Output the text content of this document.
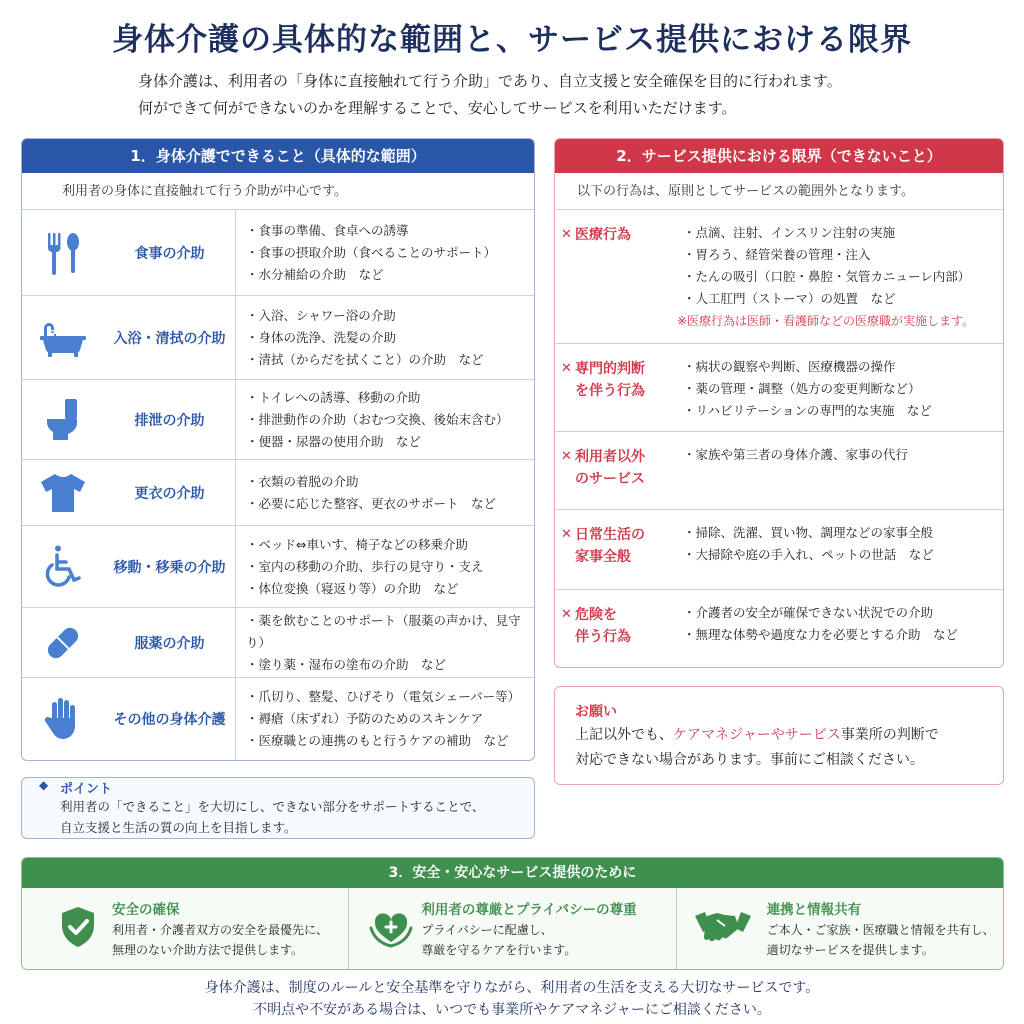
身体介護の具体的な範囲と、サービス提供における限界
身体介護は、利用者の「身体に直接触れて行う介助」であり、自立支援と安全確保を目的に行われます。
何ができて何ができないのかを理解することで、安心してサービスを利用いただけます。
1．身体介護でできること（具体的な範囲）
利用者の身体に直接触れて行う介助が中心です。
食事の介助
・食事の準備、食卓への誘導
・食事の摂取介助（食べることのサポート）
・水分補給の介助　など
入浴・清拭の介助
・入浴、シャワー浴の介助
・身体の洗浄、洗髪の介助
・清拭（からだを拭くこと）の介助　など
排泄の介助
・トイレへの誘導、移動の介助
・排泄動作の介助（おむつ交換、後始末含む）
・便器・尿器の使用介助　など
更衣の介助
・衣類の着脱の介助
・必要に応じた整容、更衣のサポート　など
移動・移乗の介助
・ベッド⇔車いす、椅子などの移乗介助
・室内の移動の介助、歩行の見守り・支え
・体位変換（寝返り等）の介助　など
服薬の介助
・薬を飲むことのサポート（服薬の声かけ、見守り）
・塗り薬・湿布の塗布の介助　など
その他の身体介護
・爪切り、整髪、ひげそり（電気シェーバー等）
・褥瘡（床ずれ）予防のためのスキンケア
・医療職との連携のもと行うケアの補助　など
◆ ポイント
利用者の「できること」を大切にし、できない部分をサポートすることで、
自立支援と生活の質の向上を目指します。
2．サービス提供における限界（できないこと）
以下の行為は、原則としてサービスの範囲外となります。
✕ 医療行為	・点滴、注射、インスリン注射の実施
・胃ろう、経管栄養の管理・注入
・たんの吸引（口腔・鼻腔・気管カニューレ内部）
・人工肛門（ストーマ）の処置　など
※医療行為は医師・看護師などの医療職が実施します。
✕ 専門的判断
を伴う行為
・病状の観察や判断、医療機器の操作
・薬の管理・調整（処方の変更判断など）
・リハビリテーションの専門的な実施　など
✕ 利用者以外
のサービス
・家族や第三者の身体介護、家事の代行
✕ 日常生活の
家事全般
・掃除、洗濯、買い物、調理などの家事全般
・大掃除や庭の手入れ、ペットの世話　など
✕ 危険を
伴う行為
・介護者の安全が確保できない状況での介助
・無理な体勢や過度な力を必要とする介助　など
お願い
上記以外でも、ケアマネジャーやサービス事業所の判断で
対応できない場合があります。事前にご相談ください。
3．安全・安心なサービス提供のために
安全の確保
利用者・介護者双方の安全を最優先に、
無理のない介助方法で提供します。
利用者の尊厳とプライバシーの尊重
プライバシーに配慮し、
尊厳を守るケアを行います。
連携と情報共有
ご本人・ご家族・医療職と情報を共有し、
適切なサービスを提供します。
身体介護は、制度のルールと安全基準を守りながら、利用者の生活を支える大切なサービスです。
不明点や不安がある場合は、いつでも事業所やケアマネジャーにご相談ください。
